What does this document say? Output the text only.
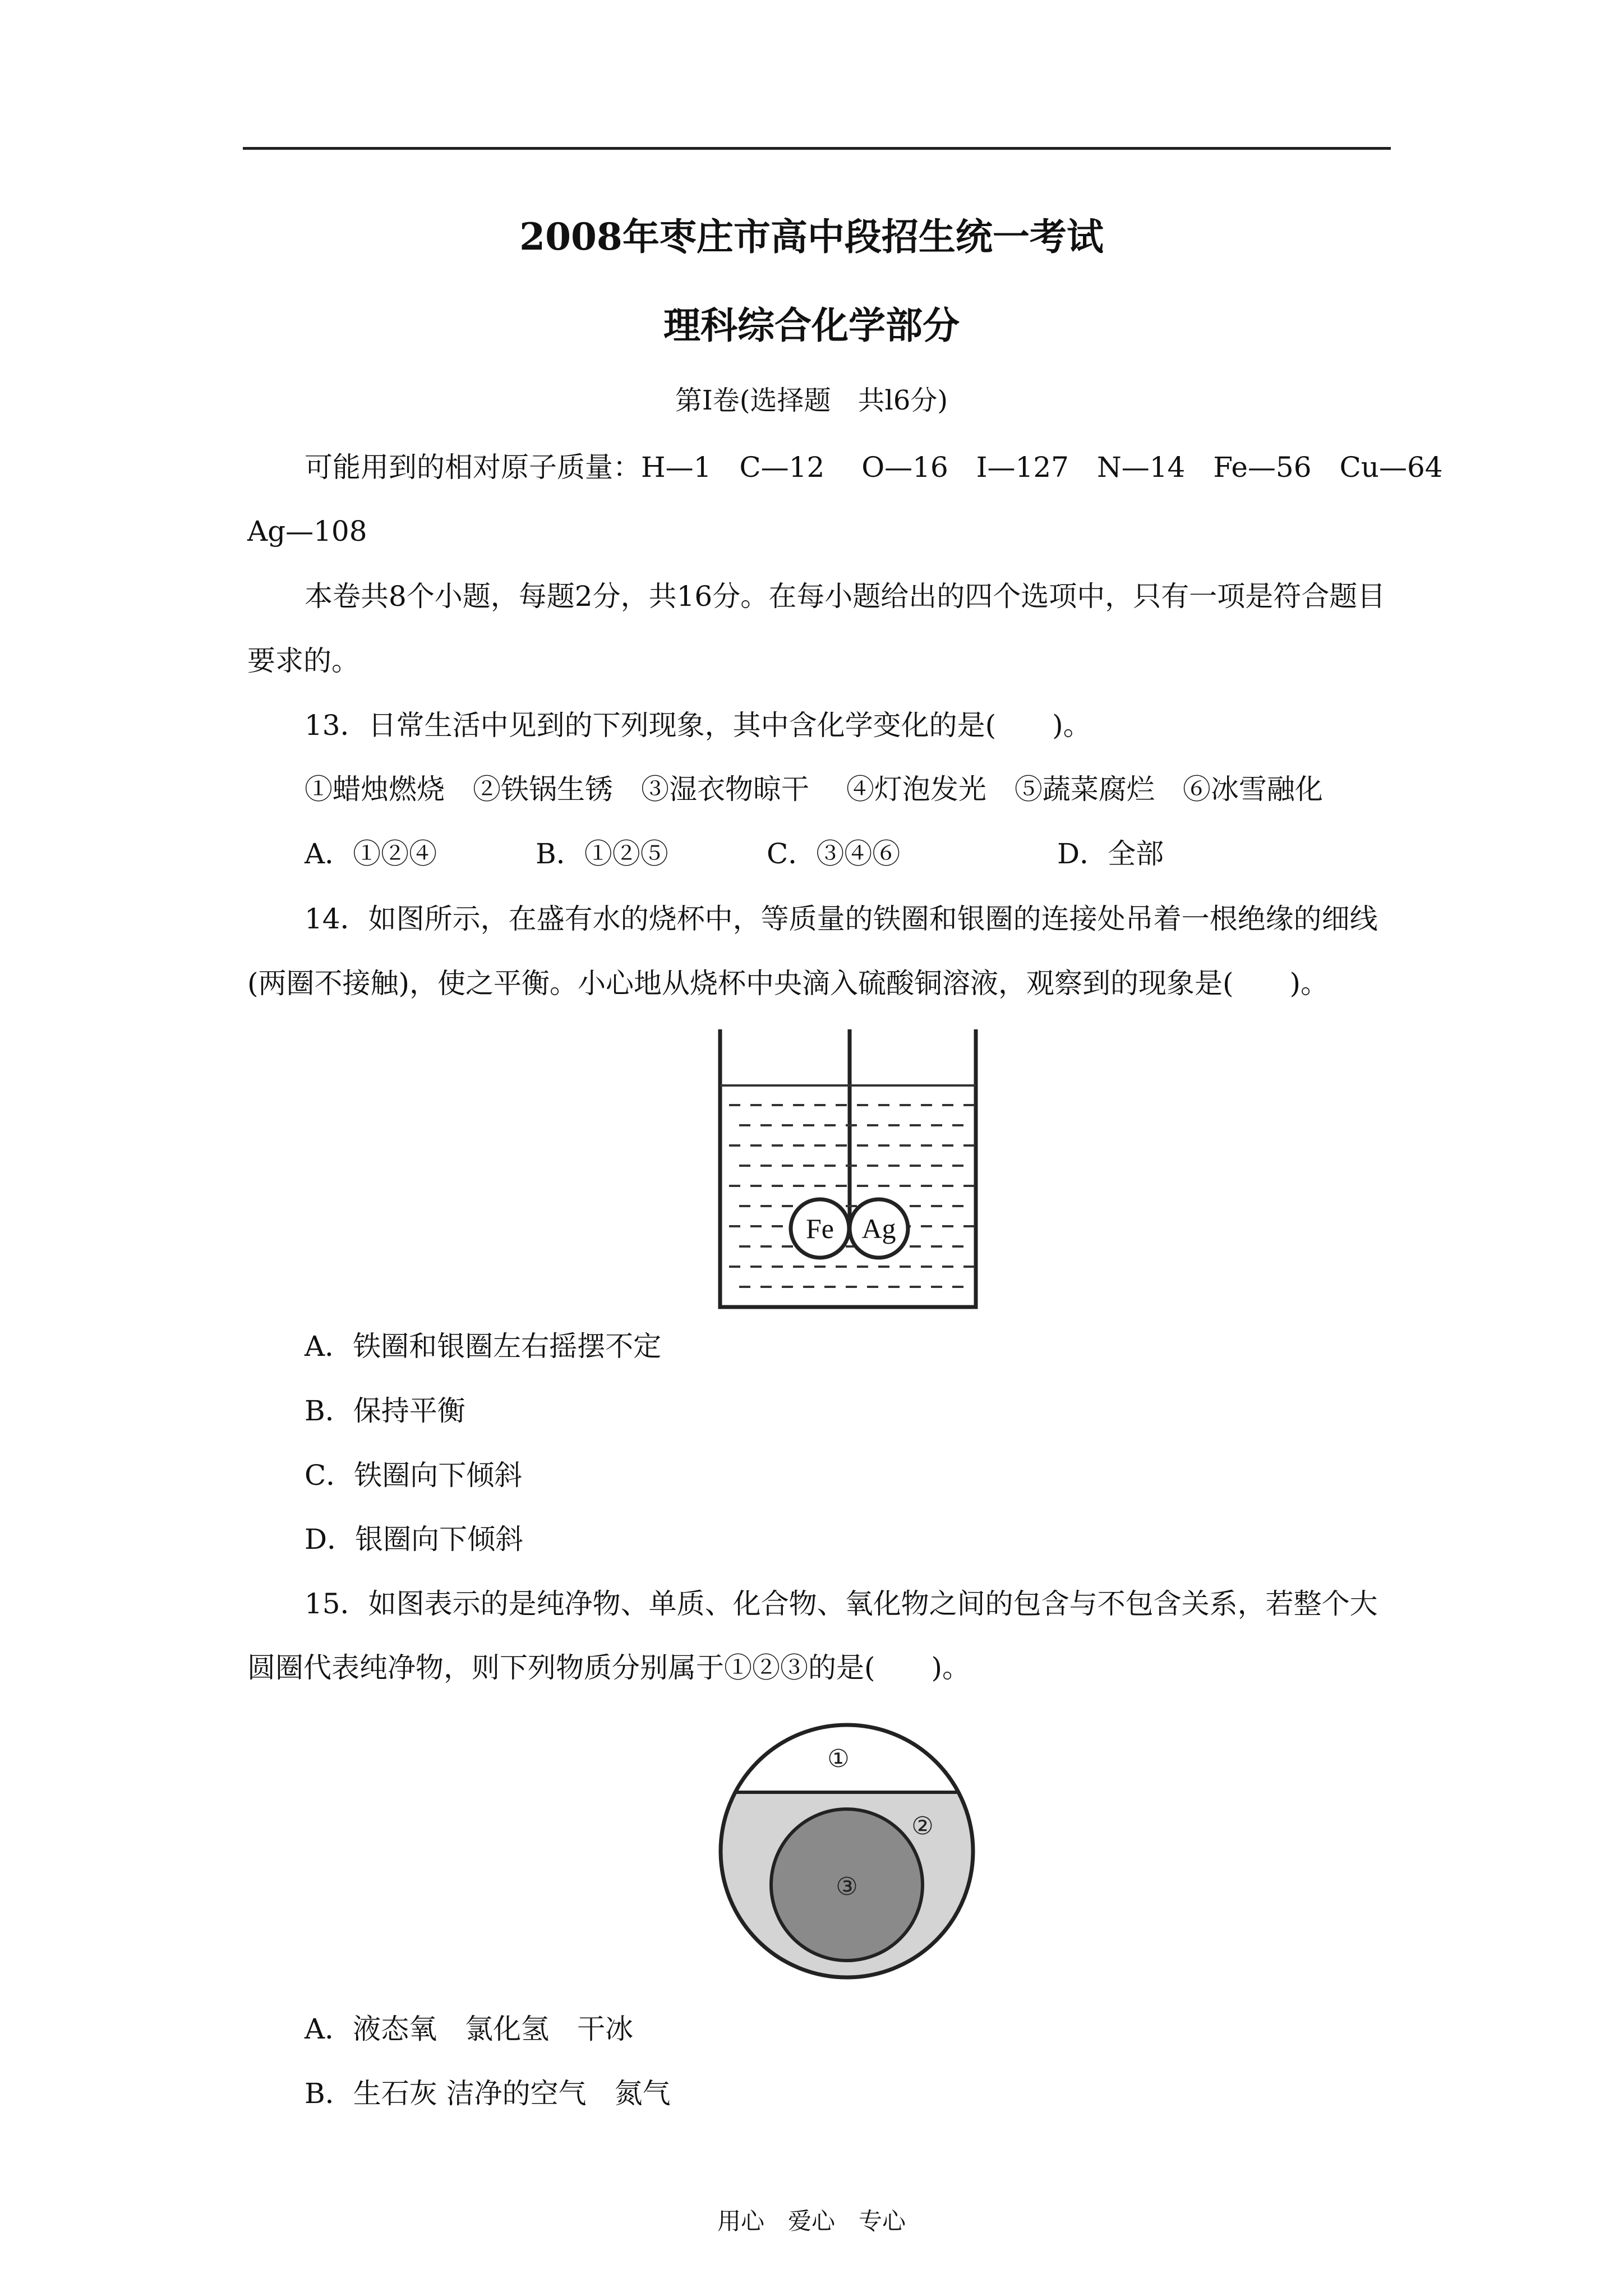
2008年枣庄市高中段招生统一考试
理科综合化学部分
第Ⅰ卷(选择题　共l6分)
可能用到的相对原子质量：H—1　C—12　 O—16　I—127　N—14　Fe—56　Cu—64
Ag—108
本卷共8个小题，每题2分，共16分。在每小题给出的四个选项中，只有一项是符合题目
要求的。
13．日常生活中见到的下列现象，其中含化学变化的是(　　)。
①蜡烛燃烧　②铁锅生锈　③湿衣物晾干　 ④灯泡发光　⑤蔬菜腐烂　⑥冰雪融化
A．①②④	B．①②⑤	C．③④⑥	D．全部
14．如图所示，在盛有水的烧杯中，等质量的铁圈和银圈的连接处吊着一根绝缘的细线
(两圈不接触)，使之平衡。小心地从烧杯中央滴入硫酸铜溶液，观察到的现象是(　　)。
Fe Ag
A．铁圈和银圈左右摇摆不定
B．保持平衡
C．铁圈向下倾斜
D．银圈向下倾斜
15．如图表示的是纯净物、单质、化合物、氧化物之间的包含与不包含关系，若整个大
圆圈代表纯净物，则下列物质分别属于①②③的是(　　)。
①
②
③
A．液态氧　氯化氢　干冰
B．生石灰 洁净的空气　氮气
用心　爱心　专心
